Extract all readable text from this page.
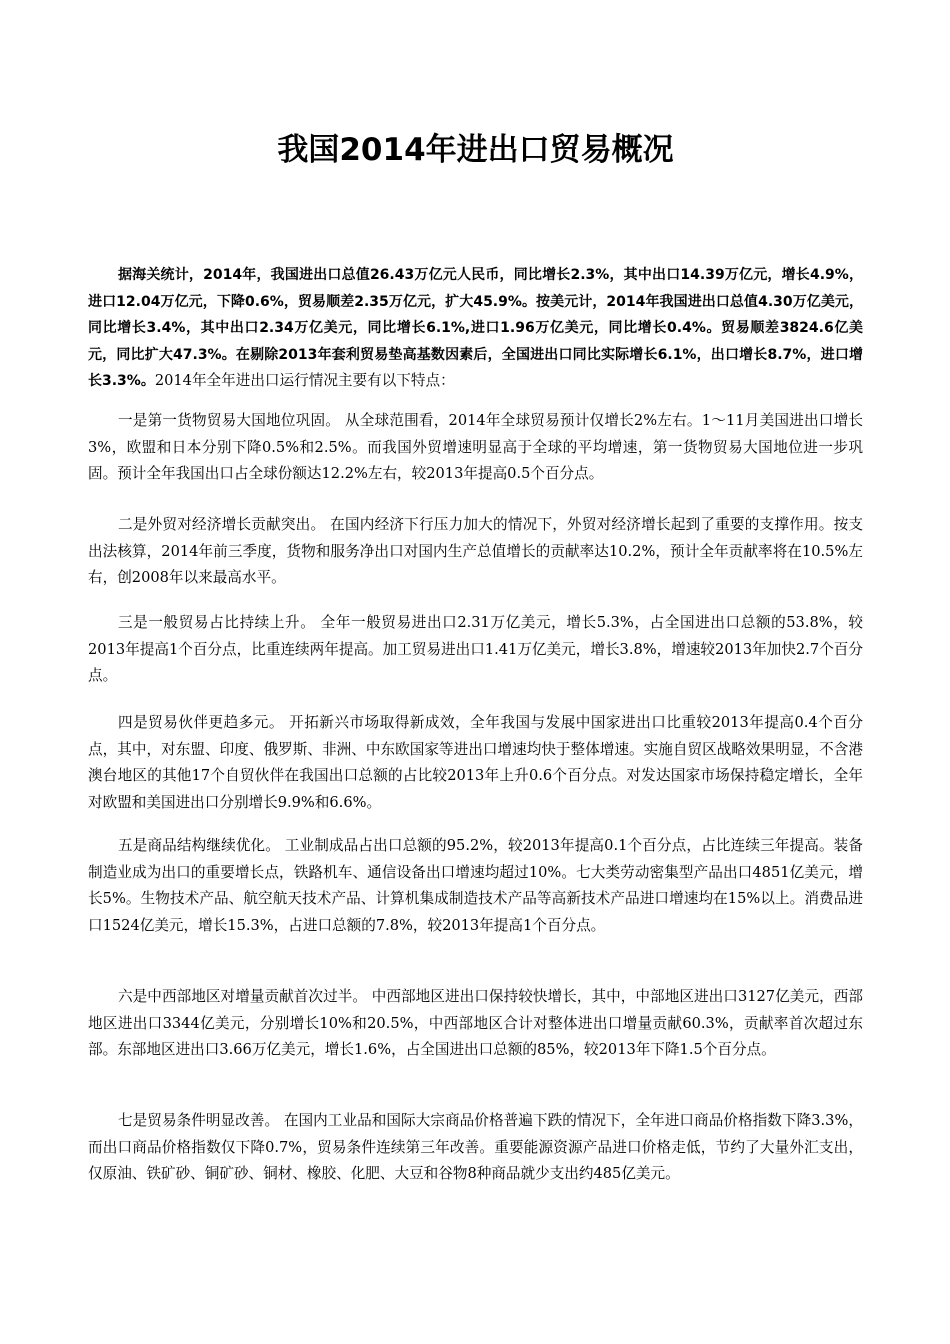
我国2014年进出口贸易概况

据海关统计，2014年，我国进出口总值26.43万亿元人民币，同比增长2.3%，其中出口14.39万亿元，增长4.9%，进口12.04万亿元，下降0.6%，贸易顺差2.35万亿元，扩大45.9%。按美元计，2014年我国进出口总值4.30万亿美元，同比增长3.4%，其中出口2.34万亿美元，同比增长6.1%,进口1.96万亿美元，同比增长0.4%。贸易顺差3824.6亿美元，同比扩大47.3%。在剔除2013年套利贸易垫高基数因素后，全国进出口同比实际增长6.1%，出口增长8.7%，进口增长3.3%。2014年全年进出口运行情况主要有以下特点：

一是第一货物贸易大国地位巩固。 从全球范围看，2014年全球贸易预计仅增长2%左右。1～11月美国进出口增长3%，欧盟和日本分别下降0.5%和2.5%。而我国外贸增速明显高于全球的平均增速，第一货物贸易大国地位进一步巩固。预计全年我国出口占全球份额达12.2%左右，较2013年提高0.5个百分点。

二是外贸对经济增长贡献突出。 在国内经济下行压力加大的情况下，外贸对经济增长起到了重要的支撑作用。按支出法核算，2014年前三季度，货物和服务净出口对国内生产总值增长的贡献率达10.2%，预计全年贡献率将在10.5%左右，创2008年以来最高水平。

三是一般贸易占比持续上升。 全年一般贸易进出口2.31万亿美元，增长5.3%，占全国进出口总额的53.8%，较2013年提高1个百分点，比重连续两年提高。加工贸易进出口1.41万亿美元，增长3.8%，增速较2013年加快2.7个百分点。

四是贸易伙伴更趋多元。 开拓新兴市场取得新成效，全年我国与发展中国家进出口比重较2013年提高0.4个百分点，其中，对东盟、印度、俄罗斯、非洲、中东欧国家等进出口增速均快于整体增速。实施自贸区战略效果明显，不含港澳台地区的其他17个自贸伙伴在我国出口总额的占比较2013年上升0.6个百分点。对发达国家市场保持稳定增长，全年对欧盟和美国进出口分别增长9.9%和6.6%。

五是商品结构继续优化。 工业制成品占出口总额的95.2%，较2013年提高0.1个百分点，占比连续三年提高。装备制造业成为出口的重要增长点，铁路机车、通信设备出口增速均超过10%。七大类劳动密集型产品出口4851亿美元，增长5%。生物技术产品、航空航天技术产品、计算机集成制造技术产品等高新技术产品进口增速均在15%以上。消费品进口1524亿美元，增长15.3%，占进口总额的7.8%，较2013年提高1个百分点。

六是中西部地区对增量贡献首次过半。 中西部地区进出口保持较快增长，其中，中部地区进出口3127亿美元，西部地区进出口3344亿美元，分别增长10%和20.5%，中西部地区合计对整体进出口增量贡献60.3%，贡献率首次超过东部。东部地区进出口3.66万亿美元，增长1.6%，占全国进出口总额的85%，较2013年下降1.5个百分点。

七是贸易条件明显改善。 在国内工业品和国际大宗商品价格普遍下跌的情况下，全年进口商品价格指数下降3.3%，而出口商品价格指数仅下降0.7%，贸易条件连续第三年改善。重要能源资源产品进口价格走低，节约了大量外汇支出，仅原油、铁矿砂、铜矿砂、铜材、橡胶、化肥、大豆和谷物8种商品就少支出约485亿美元。
